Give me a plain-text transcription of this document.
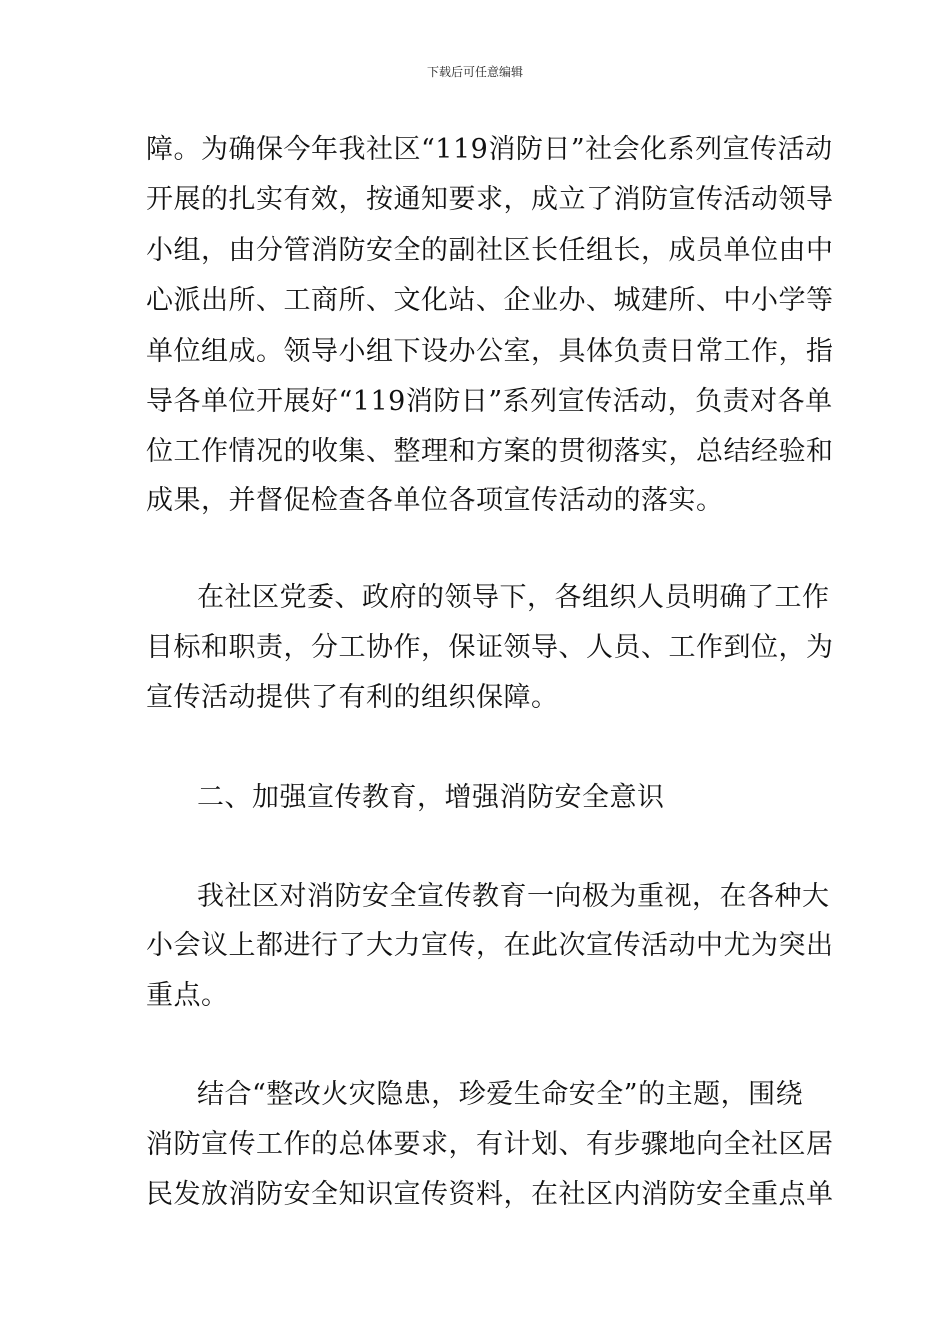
下载后可任意编辑
障。为确保今年我社区“119消防日”社会化系列宣传活动
开展的扎实有效，按通知要求，成立了消防宣传活动领导
小组，由分管消防安全的副社区长任组长，成员单位由中
心派出所、工商所、文化站、企业办、城建所、中小学等
单位组成。领导小组下设办公室，具体负责日常工作，指
导各单位开展好“119消防日”系列宣传活动，负责对各单
位工作情况的收集、整理和方案的贯彻落实，总结经验和
成果，并督促检查各单位各项宣传活动的落实。
在社区党委、政府的领导下，各组织人员明确了工作
目标和职责，分工协作，保证领导、人员、工作到位，为
宣传活动提供了有利的组织保障。
二、加强宣传教育，增强消防安全意识
我社区对消防安全宣传教育一向极为重视，在各种大
小会议上都进行了大力宣传，在此次宣传活动中尤为突出
重点。
结合“整改火灾隐患，珍爱生命安全”的主题，围绕
消防宣传工作的总体要求，有计划、有步骤地向全社区居
民发放消防安全知识宣传资料，在社区内消防安全重点单
